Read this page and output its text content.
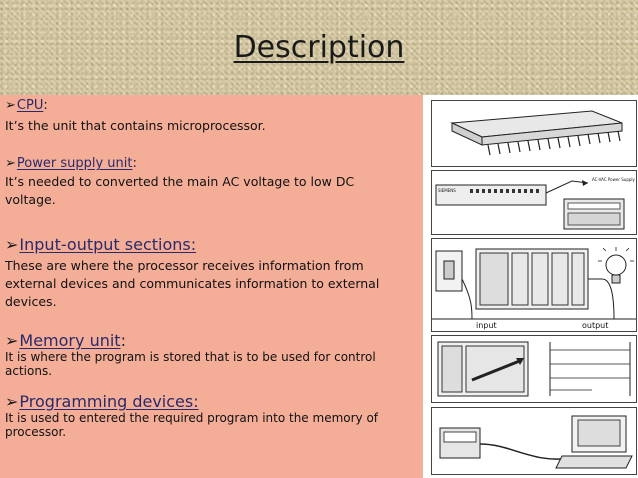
Description
➢ CPU :
It’s the unit that contains microprocessor.
➢ Power supply unit :
It’s needed to converted the main AC voltage to low DC voltage.
➢ Input-output sections:
These are where the processor receives information from external devices and communicates information to external devices.
➢ Memory unit :
It is where the program is stored that is to be used for control actions.
➢ Programming devices:
It is used to entered the required program into the memory of processor.
SIEMENS
AC-VAC Power Supply
input	output
